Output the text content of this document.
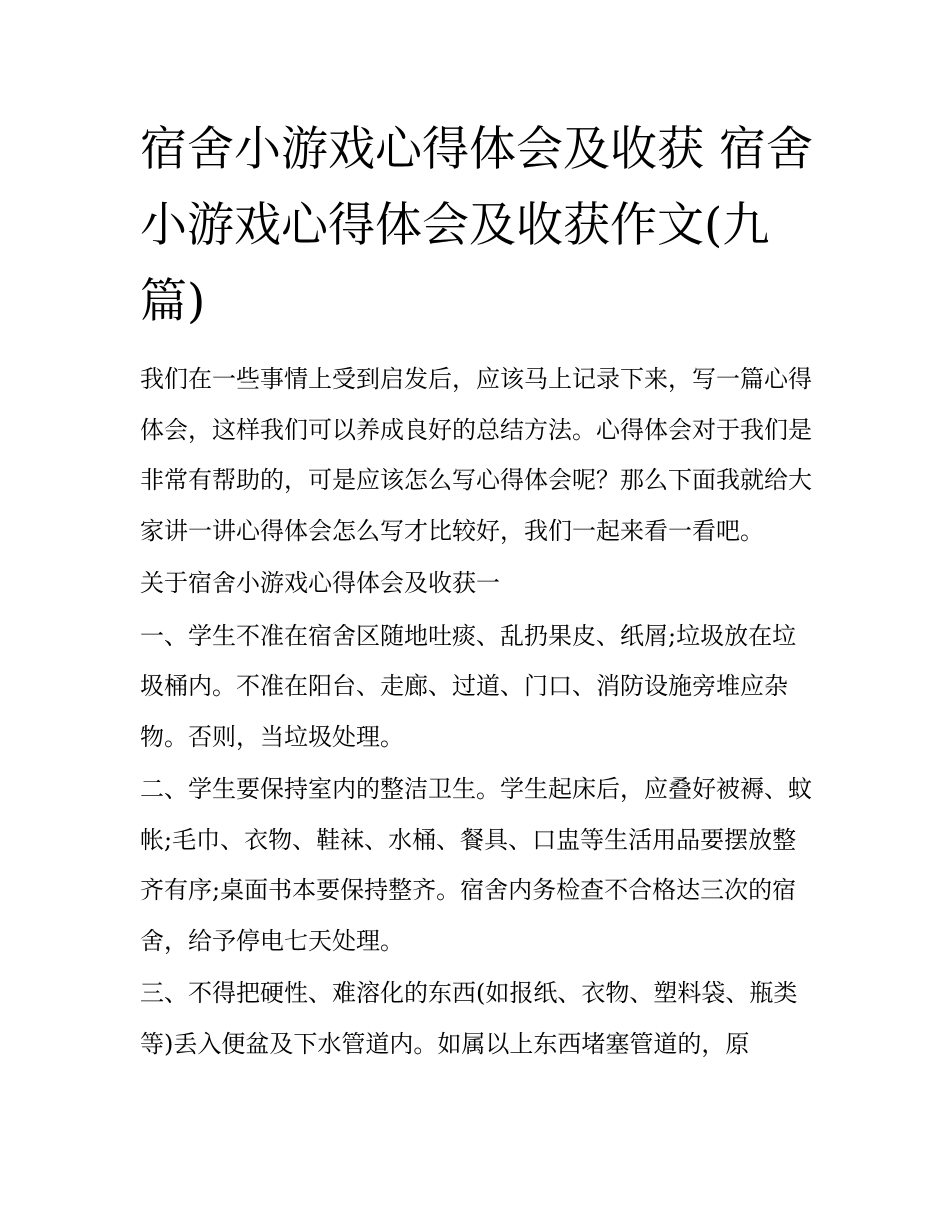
宿舍小游戏心得体会及收获 宿舍小游戏心得体会及收获作文(九篇)

我们在一些事情上受到启发后，应该马上记录下来，写一篇心得体会，这样我们可以养成良好的总结方法。心得体会对于我们是非常有帮助的，可是应该怎么写心得体会呢？那么下面我就给大家讲一讲心得体会怎么写才比较好，我们一起来看一看吧。

关于宿舍小游戏心得体会及收获一

一、学生不准在宿舍区随地吐痰、乱扔果皮、纸屑;垃圾放在垃圾桶内。不准在阳台、走廊、过道、门口、消防设施旁堆应杂物。否则，当垃圾处理。

二、学生要保持室内的整洁卫生。学生起床后，应叠好被褥、蚊帐;毛巾、衣物、鞋袜、水桶、餐具、口盅等生活用品要摆放整齐有序;桌面书本要保持整齐。宿舍内务检查不合格达三次的宿舍，给予停电七天处理。

三、不得把硬性、难溶化的东西(如报纸、衣物、塑料袋、瓶类等)丢入便盆及下水管道内。如属以上东西堵塞管道的，原
